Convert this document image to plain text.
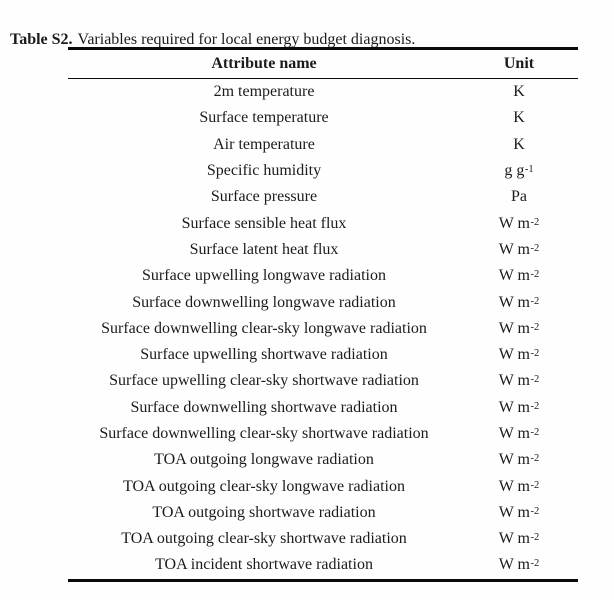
Table S2. Variables required for local energy budget diagnosis.

Attribute name	Unit
2m temperature	K
Surface temperature	K
Air temperature	K
Specific humidity	g $g^{-1}$
Surface pressure	Pa
Surface sensible heat flux	W $m^{-2}$
Surface latent heat flux	W $m^{-2}$
Surface upwelling longwave radiation	W $m^{-2}$
Surface downwelling longwave radiation	W $m^{-2}$
Surface downwelling clear-sky longwave radiation	W $m^{-2}$
Surface upwelling shortwave radiation	W $m^{-2}$
Surface upwelling clear-sky shortwave radiation	W $m^{-2}$
Surface downwelling shortwave radiation	W $m^{-2}$
Surface downwelling clear-sky shortwave radiation	W $m^{-2}$
TOA outgoing longwave radiation	W $m^{-2}$
TOA outgoing clear-sky longwave radiation	W $m^{-2}$
TOA outgoing shortwave radiation	W $m^{-2}$
TOA outgoing clear-sky shortwave radiation	W $m^{-2}$
TOA incident shortwave radiation	W $m^{-2}$
